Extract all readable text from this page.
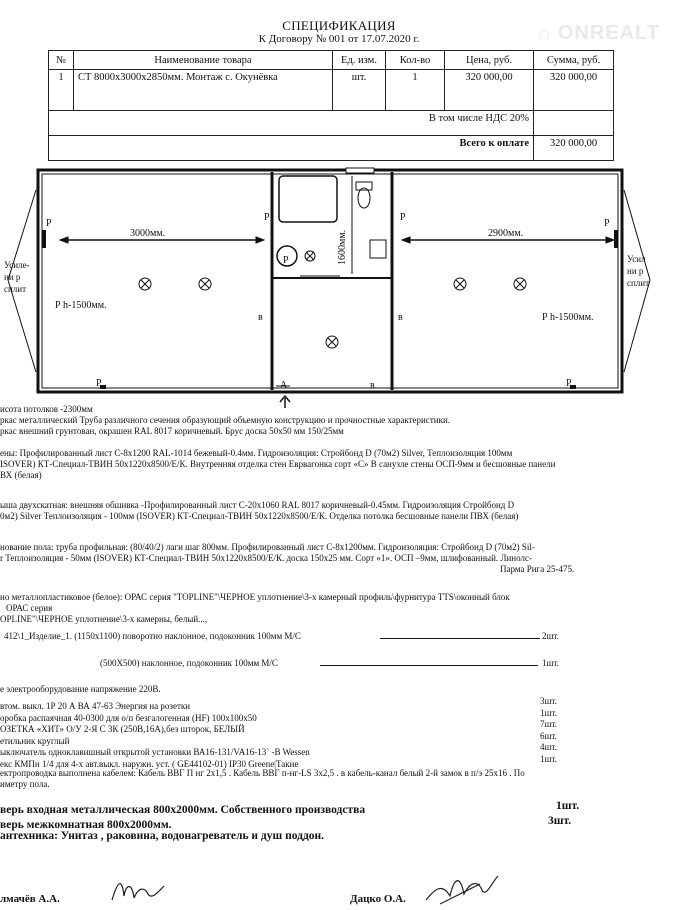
СПЕЦИФИКАЦИЯ
К Договору № 001 от 17.07.2020 г.	⌂ ONREALT
№	Наименование товара	Ед. изм.	Кол-во	Цена, руб.	Сумма, руб.
1	СТ 8000х3000х2850мм. Монтаж с. Окунёвка	шт.	1	320 000,00	320 000,00
В том числе НДС 20%					
Всего к оплате					320 000,00
3000мм.	2900мм.
1600мм.
Р h-1500мм.
Р h-1500мм.
Р	Р
Р	Р
Р
Р	Р
в	в
в
А
Усиле-
ни р
сплит
Усил
ни р
сплит
исота потолков -2300мм
ркас металлический Труба различного сечения образующий объемную конструкцию и прочностные характеристики.
ркас внешний грунтован, окрашен RAL 8017 коричневый. Брус доска 50х50 мм 150/25мм
ены: Профилированный лист С-8х1200 RAL-1014 бежевый-0.4мм. Гидроизоляция: Стройбонд D (70м2) Silver, Теплоизоляция 100мм
ISOVER) КТ-Специал-ТВИН 50х1220х8500/Е/К. Внутренняя отделка стен Еврвагонка сорт «С» В санузле стены ОСП-9мм и бесшовные панели
ВХ (белая)
ыша двухскатная: внешняя обшивка -Профилированный лист С-20х1060 RAL 8017 коричневый-0.45мм. Гидроизоляция Стройбонд D
0м2) Silver Теплоизоляция - 100мм (ISOVER) КТ-Специал-ТВИН 50х1220х8500/Е/К. Отделка потолка бесшовные панели ПВХ (белая)
нование пола: труба профильная: (80/40/2) лаги шаг 800мм. Профилированный лист С-8х1200мм. Гидроизоляция: Стройбонд D (70м2) Sil-
r Теплоизоляция - 50мм (ISOVER) КТ-Специал-ТВИН 50х1220х8500/Е/К. доска 150х25 мм. Сорт «1». ОСП –9мм, шлифованный. Линолс-
Парма Рига 25-475.
но металлопластиковое (белое): ОРАС серия "TOPLINE"\ЧЕРНОЕ уплотнение\3-х камерный профиль\фурнитура TTS\оконный блок
ОРАС серия
OPLINE"\ЧЕРНОЕ уплотнение\3-х камерны, белый...,
412\1_Изделие_1. (1150х1100) поворотно наклонное, подоконник 100мм М/С	2шт.
(500Х500) наклонное, подоконник 100мм М/С	1шт.
е электрооборудование напряжение 220В.
втом. выкл. 1Р 20 А ВА 47-63 Энергия на розетки	3шт.
оробка распаячная 40-0300 для о/п безгалогенная (HF) 100х100х50	1шт.
ОЗЕТКА «ХИТ» О/У 2-Я С 3К (250В,16А),без шторок, БЕЛЫЙ	7шт.
етильник круглый	6шт.
ыключатель одноклавишный открытой установки ВА16-131/VA16-13` -B Wessen	4шт.
екс КМПн 1/4 для 4-х авт.выкл. наружн. уст. ( GE44102-01) IP30 Greene|Такие	1шт.
ектропроводка выполнена кабелем: Кабель ВВГ П нг 2х1,5 . Кабель ВВГ п-нг-LS 3х2,5 . в кабель-канал белый 2-й замок в п/э 25х16 . По
иметру пола.
верь входная металлическая 800х2000мм. Собственного производства	1шт.
верь межкомнатная 800х2000мм.	3шт.
антехника: Унитаз , раковина, водонагреватель и душ поддон.
лмачёв А.А.	Дацко О.А.
